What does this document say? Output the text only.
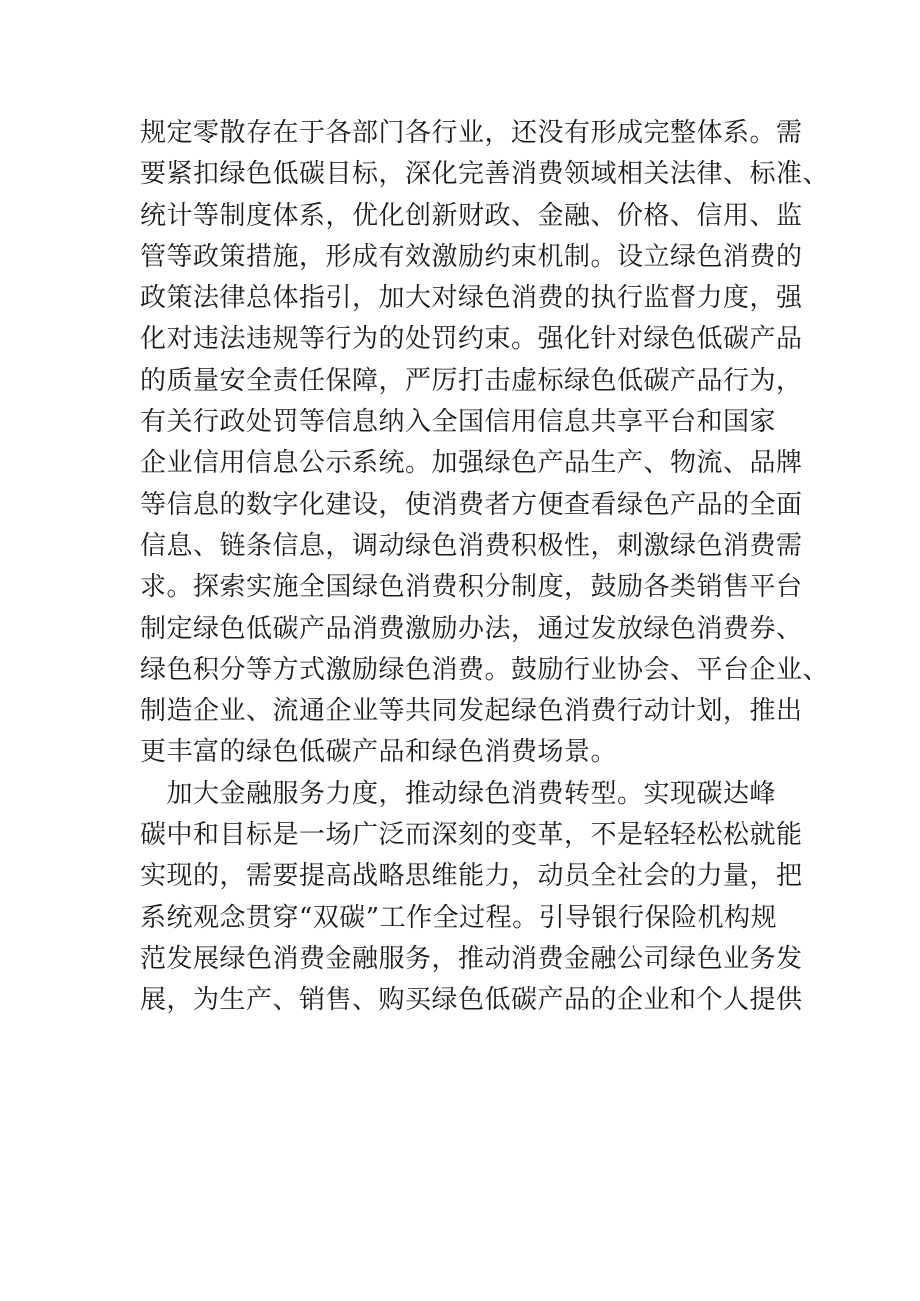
规定零散存在于各部门各行业，还没有形成完整体系。需
要紧扣绿色低碳目标，深化完善消费领域相关法律、标准、
统计等制度体系，优化创新财政、金融、价格、信用、监
管等政策措施，形成有效激励约束机制。设立绿色消费的
政策法律总体指引，加大对绿色消费的执行监督力度，强
化对违法违规等行为的处罚约束。强化针对绿色低碳产品
的质量安全责任保障，严厉打击虚标绿色低碳产品行为，
有关行政处罚等信息纳入全国信用信息共享平台和国家
企业信用信息公示系统。加强绿色产品生产、物流、品牌
等信息的数字化建设，使消费者方便查看绿色产品的全面
信息、链条信息，调动绿色消费积极性，刺激绿色消费需
求。探索实施全国绿色消费积分制度，鼓励各类销售平台
制定绿色低碳产品消费激励办法，通过发放绿色消费券、
绿色积分等方式激励绿色消费。鼓励行业协会、平台企业、
制造企业、流通企业等共同发起绿色消费行动计划，推出
更丰富的绿色低碳产品和绿色消费场景。
　加大金融服务力度，推动绿色消费转型。实现碳达峰
碳中和目标是一场广泛而深刻的变革，不是轻轻松松就能
实现的，需要提高战略思维能力，动员全社会的力量，把
系统观念贯穿“双碳”工作全过程。引导银行保险机构规
范发展绿色消费金融服务，推动消费金融公司绿色业务发
展，为生产、销售、购买绿色低碳产品的企业和个人提供
